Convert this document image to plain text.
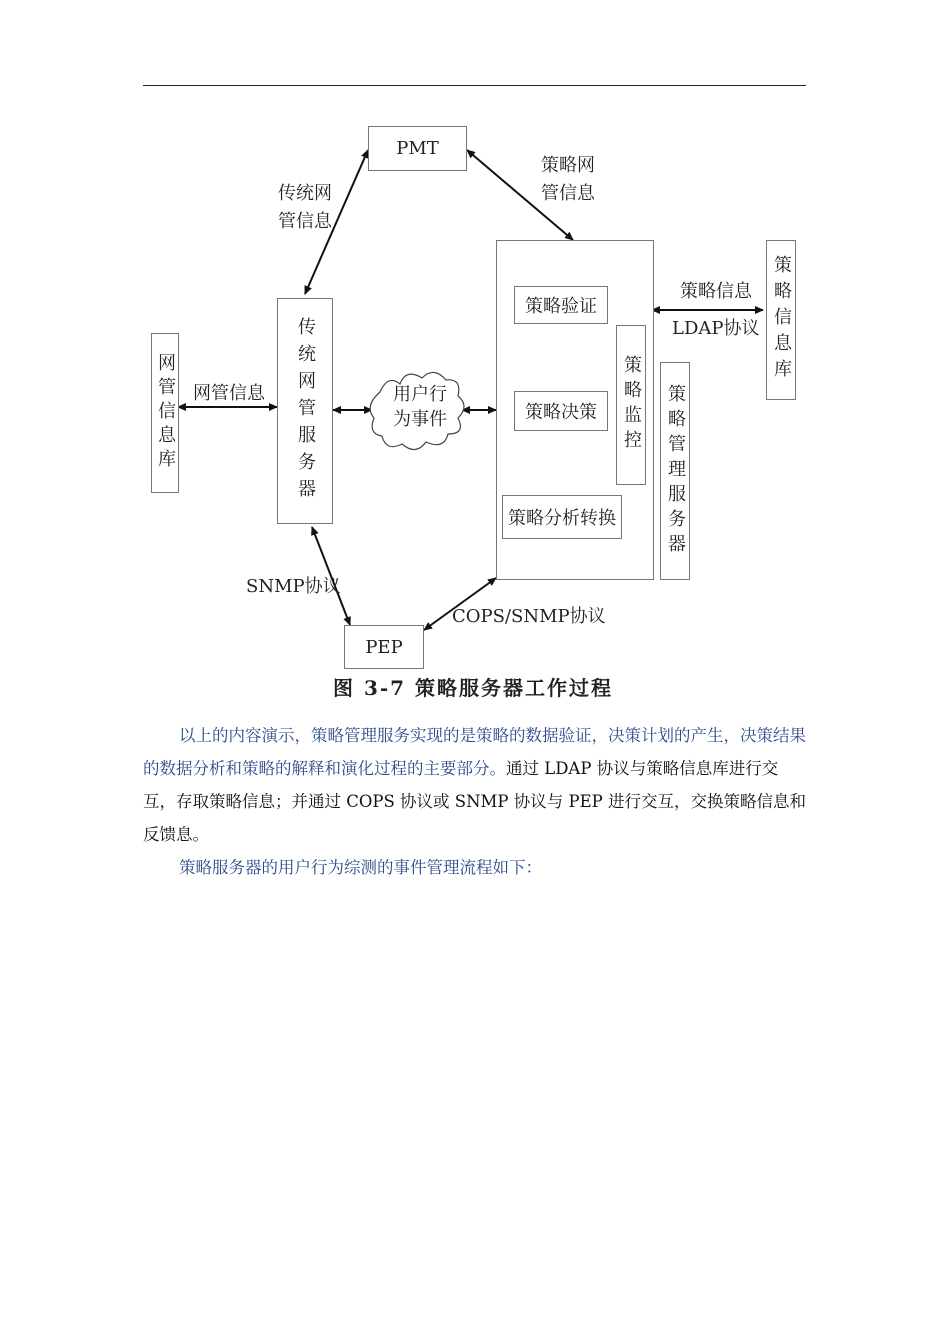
PMT
传统网
管信息
策略网
管信息
网管信息库 网管信息 传统网管服务器	用户行为事件
策略验证
策略决策
策略分析转换
策略监控 策略管理服务器
策略信息
LDAP协议 策略信息库
SNMP协议
COPS/SNMP协议
PEP
图 3-7 策略服务器工作过程
以上的内容演示，策略管理服务实现的是策略的数据验证，决策计划的产生，决策结果的数据分析和策略的解释和演化过程的主要部分。通过 LDAP 协议与策略信息库进行交互，存取策略信息；并通过 COPS 协议或 SNMP 协议与 PEP 进行交互，交换策略信息和反馈息。
策略服务器的用户行为综测的事件管理流程如下：
